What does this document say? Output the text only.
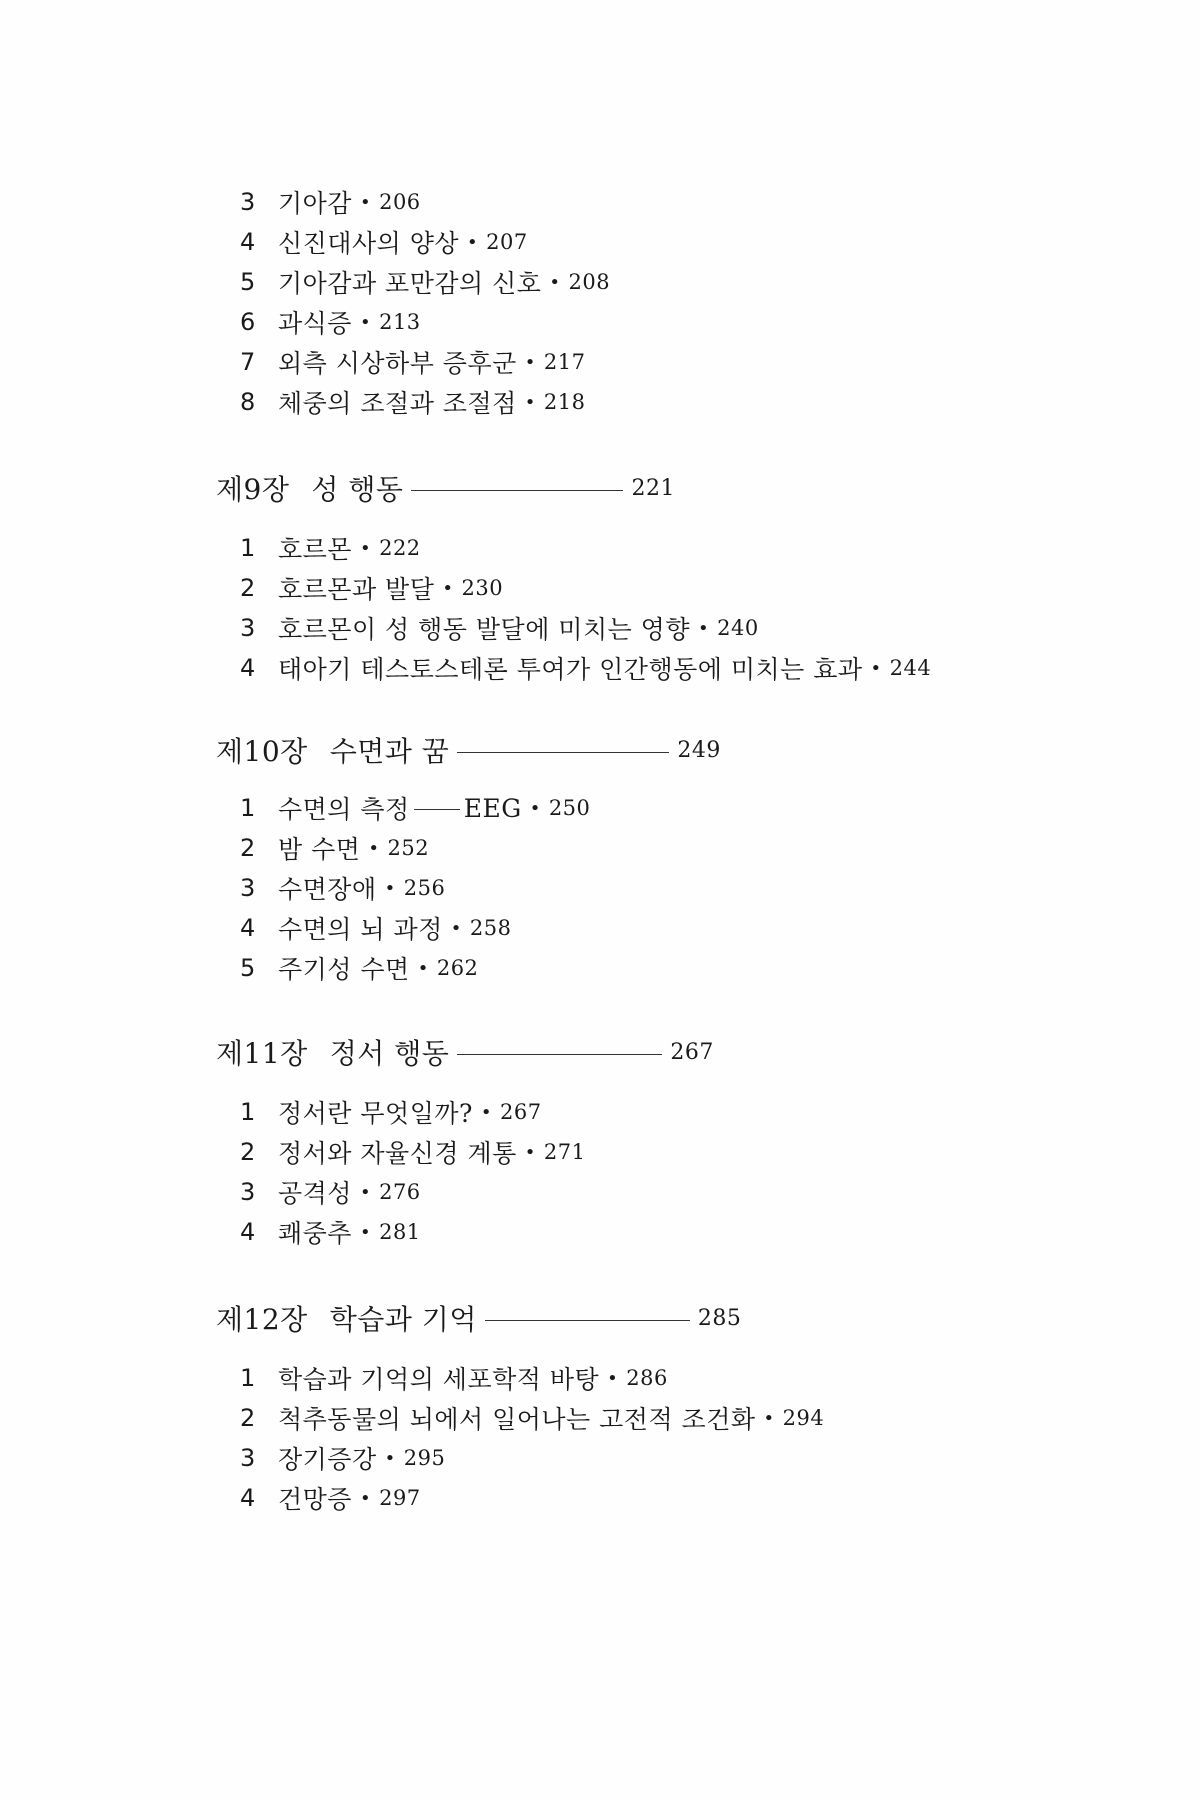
3 기아감 • 206
4 신진대사의 양상 • 207
5 기아감과 포만감의 신호 • 208
6 과식증 • 213
7 외측 시상하부 증후군 • 217
8 체중의 조절과 조절점 • 218
제9장 성 행동	221
1 호르몬 • 222
2 호르몬과 발달 • 230
3 호르몬이 성 행동 발달에 미치는 영향 • 240
4 태아기 테스토스테론 투여가 인간행동에 미치는 효과 • 244
제10장 수면과 꿈	249
1 수면의 측정 EEG • 250
2 밤 수면 • 252
3 수면장애 • 256
4 수면의 뇌 과정 • 258
5 주기성 수면 • 262
제11장 정서 행동	267
1 정서란 무엇일까? • 267
2 정서와 자율신경 계통 • 271
3 공격성 • 276
4 쾌중추 • 281
제12장 학습과 기억	285
1 학습과 기억의 세포학적 바탕 • 286
2 척추동물의 뇌에서 일어나는 고전적 조건화 • 294
3 장기증강 • 295
4 건망증 • 297
